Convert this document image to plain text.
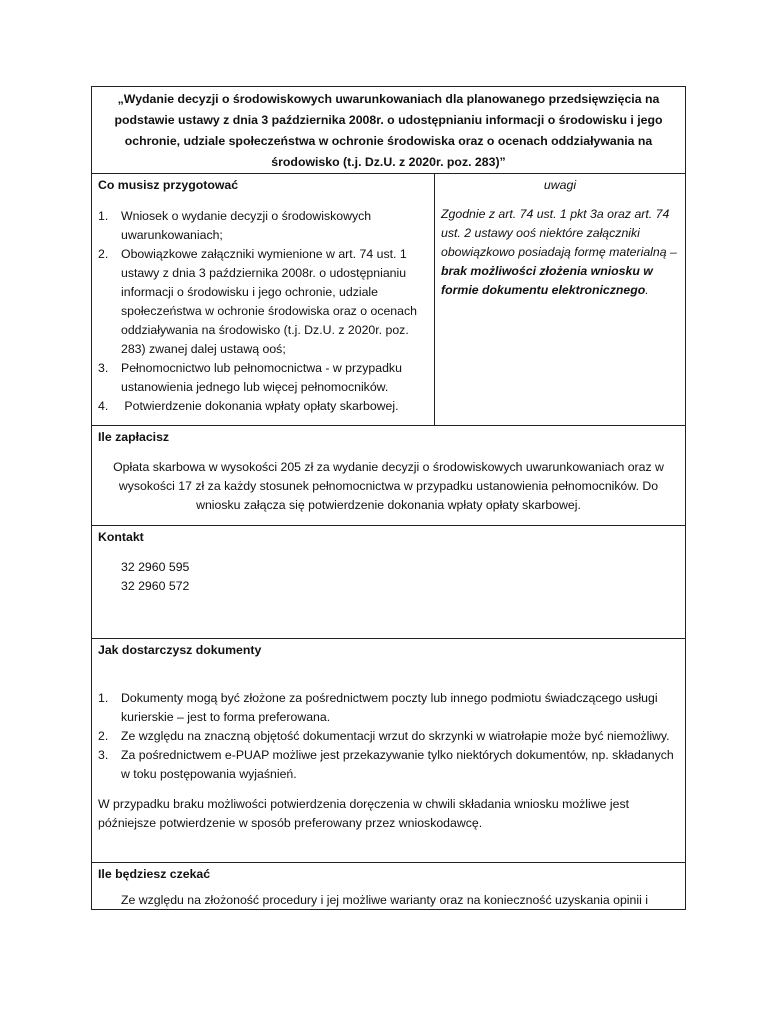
„Wydanie decyzji o środowiskowych uwarunkowaniach dla planowanego przedsięwzięcia na podstawie ustawy z dnia 3 października 2008r. o udostępnianiu informacji o środowisku i jego ochronie, udziale społeczeństwa w ochronie środowiska oraz o ocenach oddziaływania na środowisko (t.j. Dz.U. z 2020r. poz. 283)”
Co musisz przygotować
1. Wniosek o wydanie decyzji o środowiskowych uwarunkowaniach;
2. Obowiązkowe załączniki wymienione w art. 74 ust. 1 ustawy z dnia 3 października 2008r. o udostępnianiu informacji o środowisku i jego ochronie, udziale społeczeństwa w ochronie środowiska oraz o ocenach oddziaływania na środowisko (t.j. Dz.U. z 2020r. poz. 283) zwanej dalej ustawą ooś;
3. Pełnomocnictwo lub pełnomocnictwa - w przypadku ustanowienia jednego lub więcej pełnomocników.
4. Potwierdzenie dokonania wpłaty opłaty skarbowej.
uwagi
Zgodnie z art. 74 ust. 1 pkt 3a oraz art. 74 ust. 2 ustawy ooś niektóre załączniki obowiązkowo posiadają formę materialną – brak możliwości złożenia wniosku w formie dokumentu elektronicznego.
Ile zapłacisz

Opłata skarbowa w wysokości 205 zł za wydanie decyzji o środowiskowych uwarunkowaniach oraz w wysokości 17 zł za każdy stosunek pełnomocnictwa w przypadku ustanowienia pełnomocników. Do wniosku załącza się potwierdzenie dokonania wpłaty opłaty skarbowej.

Kontakt
32 2960 595
32 2960 572
Jak dostarczysz dokumenty
1. Dokumenty mogą być złożone za pośrednictwem poczty lub innego podmiotu świadczącego usługi kurierskie – jest to forma preferowana.
2. Ze względu na znaczną objętość dokumentacji wrzut do skrzynki w wiatrołapie może być niemożliwy.
3. Za pośrednictwem e-PUAP możliwe jest przekazywanie tylko niektórych dokumentów, np. składanych w toku postępowania wyjaśnień.

W przypadku braku możliwości potwierdzenia doręczenia w chwili składania wniosku możliwe jest późniejsze potwierdzenie w sposób preferowany przez wnioskodawcę.

Ile będziesz czekać

Ze względu na złożoność procedury i jej możliwe warianty oraz na konieczność uzyskania opinii i
